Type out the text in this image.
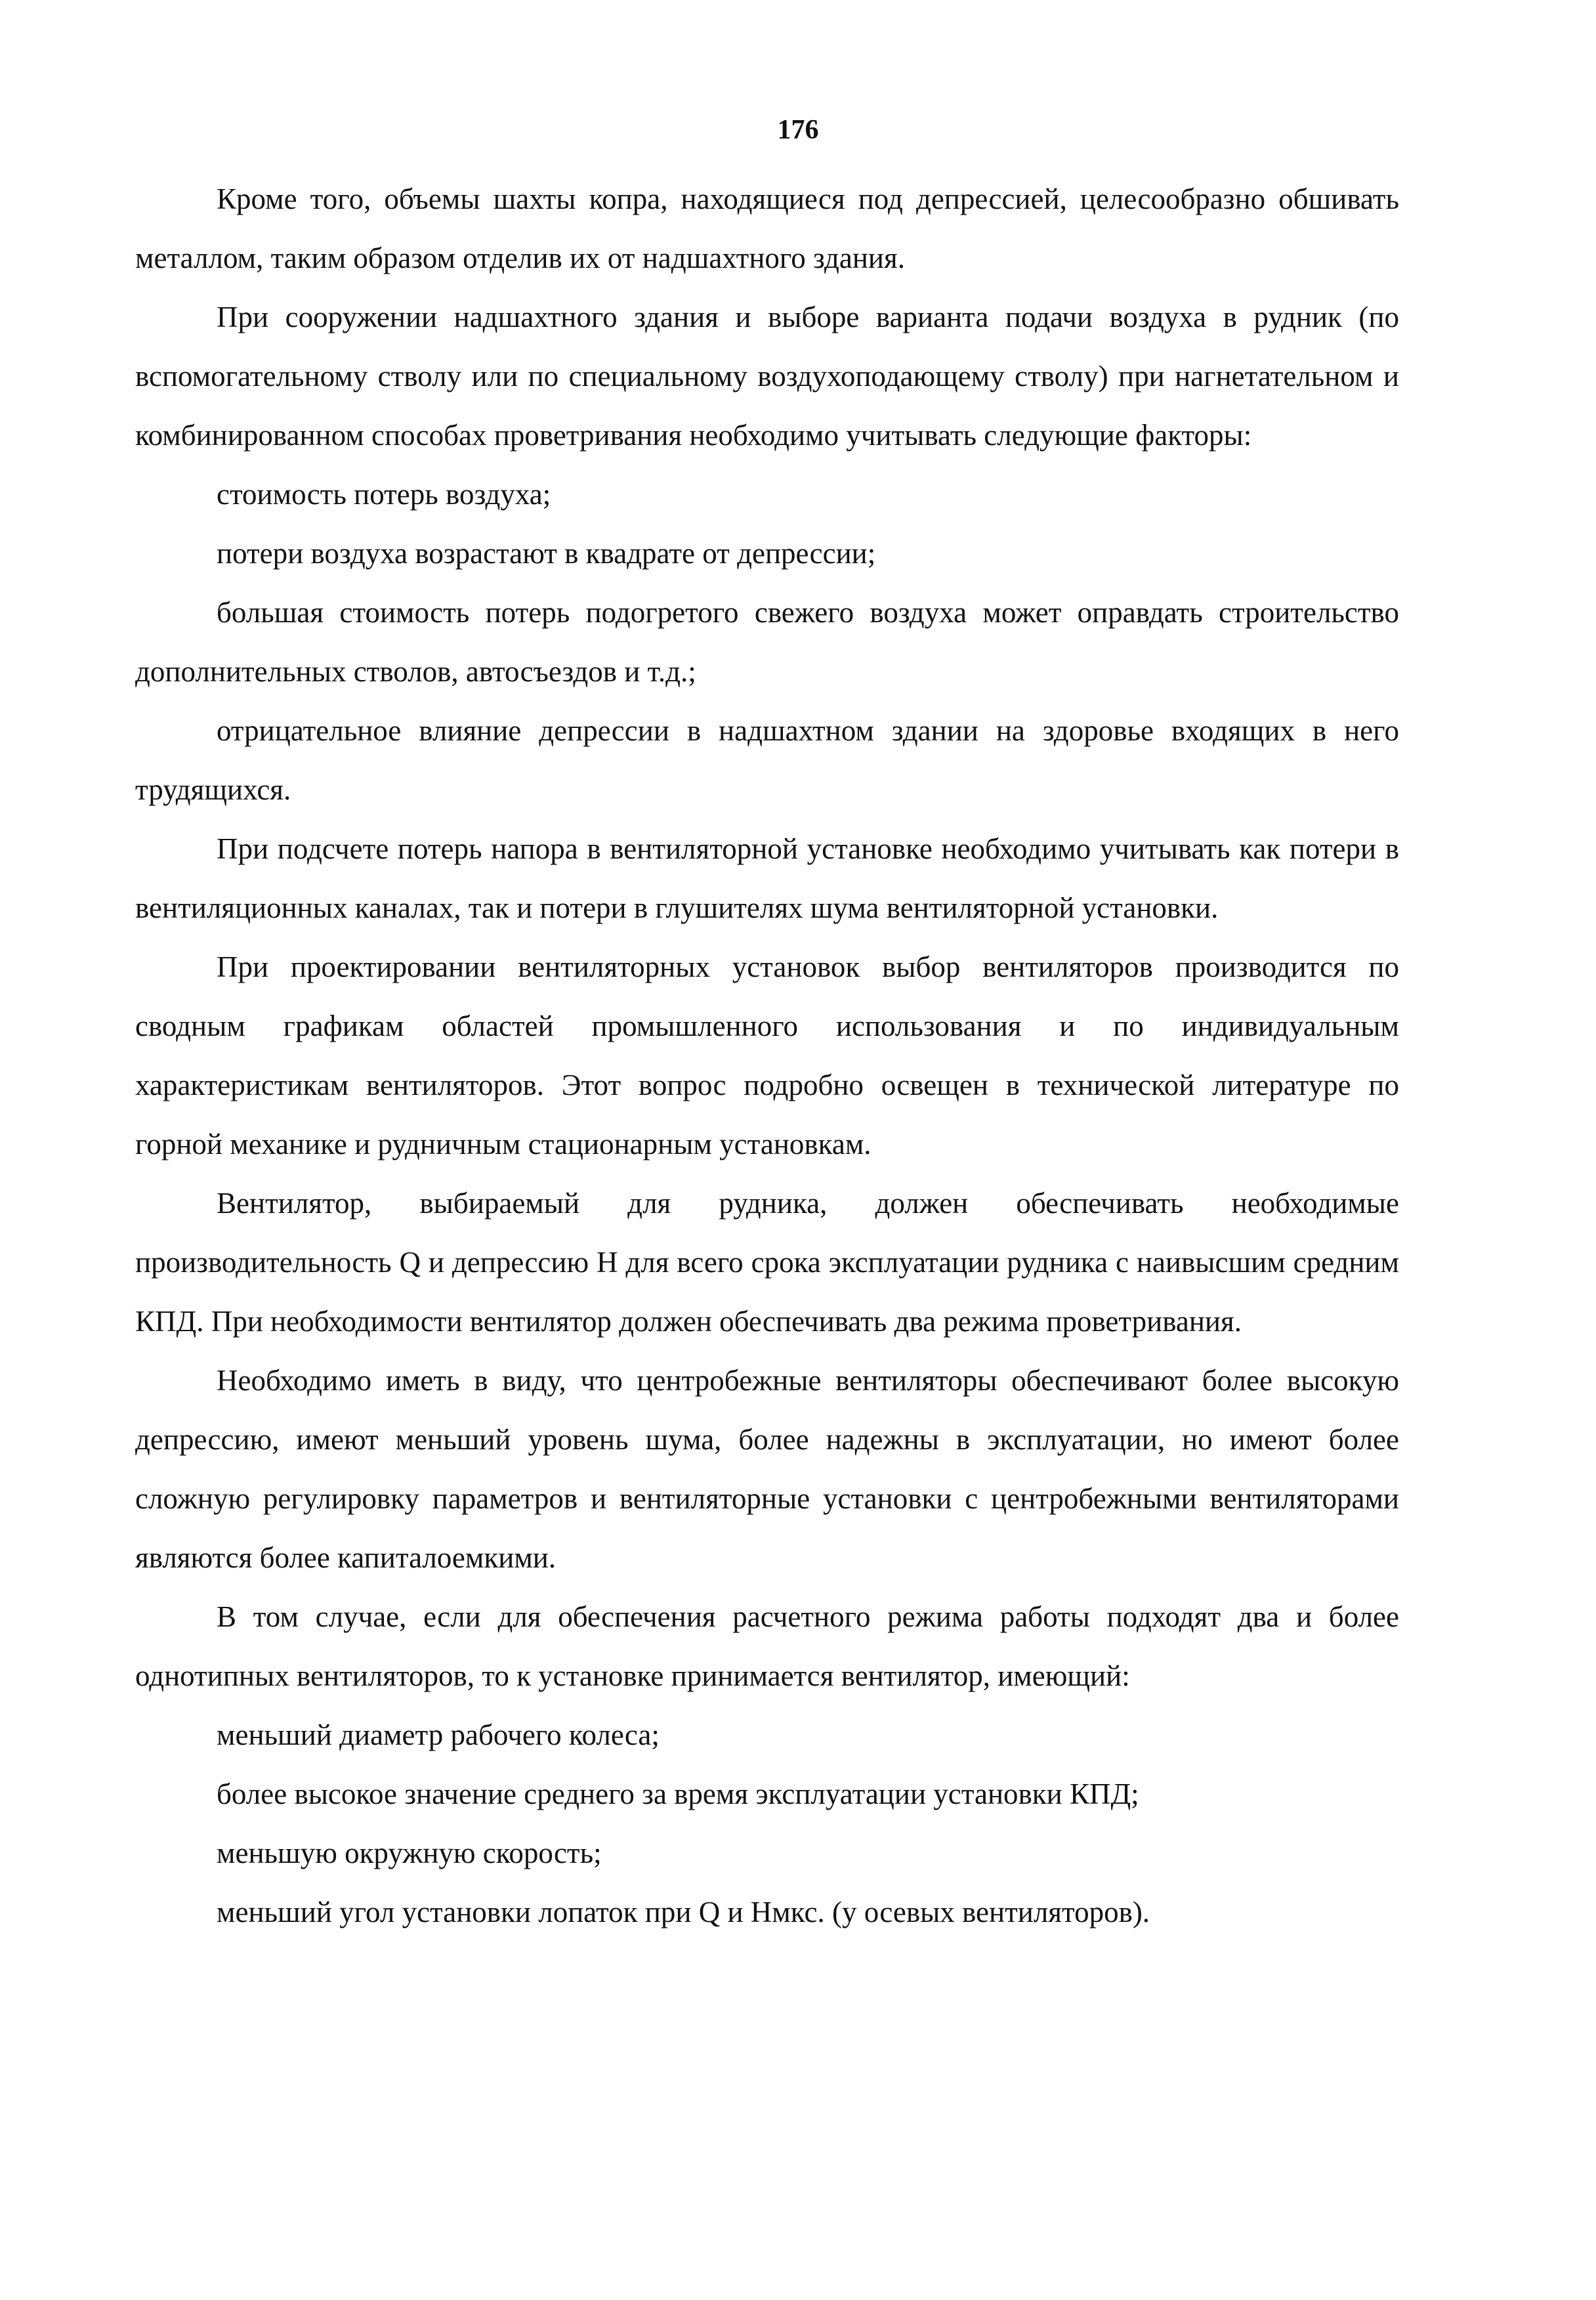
176

Кроме того, объемы шахты копра, находящиеся под депрессией, целесообразно обшивать металлом, таким образом отделив их от надшахтного здания.

При сооружении надшахтного здания и выборе варианта подачи воздуха в рудник (по вспомогательному стволу или по специальному воздухоподающему стволу) при нагнетательном и комбинированном способах проветривания необходимо учитывать следующие факторы:

стоимость потерь воздуха;

потери воздуха возрастают в квадрате от депрессии;

большая стоимость потерь подогретого свежего воздуха может оправдать строительство дополнительных стволов, автосъездов и т.д.;

отрицательное влияние депрессии в надшахтном здании на здоровье входящих в него трудящихся.

При подсчете потерь напора в вентиляторной установке необходимо учитывать как потери в вентиляционных каналах, так и потери в глушителях шума вентиляторной установки.

При проектировании вентиляторных установок выбор вентиляторов производится по сводным графикам областей промышленного использования и по индивидуальным характеристикам вентиляторов. Этот вопрос подробно освещен в технической литературе по горной механике и рудничным стационарным установкам.

Вентилятор, выбираемый для рудника, должен обеспечивать необходимые производительность Q и депрессию H для всего срока эксплуатации рудника с наивысшим средним КПД. При необходимости вентилятор должен обеспечивать два режима проветривания.

Необходимо иметь в виду, что центробежные вентиляторы обеспечивают более высокую депрессию, имеют меньший уровень шума, более надежны в эксплуатации, но имеют более сложную регулировку параметров и вентиляторные установки с центробежными вентиляторами являются более капиталоемкими.

В том случае, если для обеспечения расчетного режима работы подходят два и более однотипных вентиляторов, то к установке принимается вентилятор, имеющий:

меньший диаметр рабочего колеса;

более высокое значение среднего за время эксплуатации установки КПД;

меньшую окружную скорость;

меньший угол установки лопаток при Q и Нмкс. (у осевых вентиляторов).
